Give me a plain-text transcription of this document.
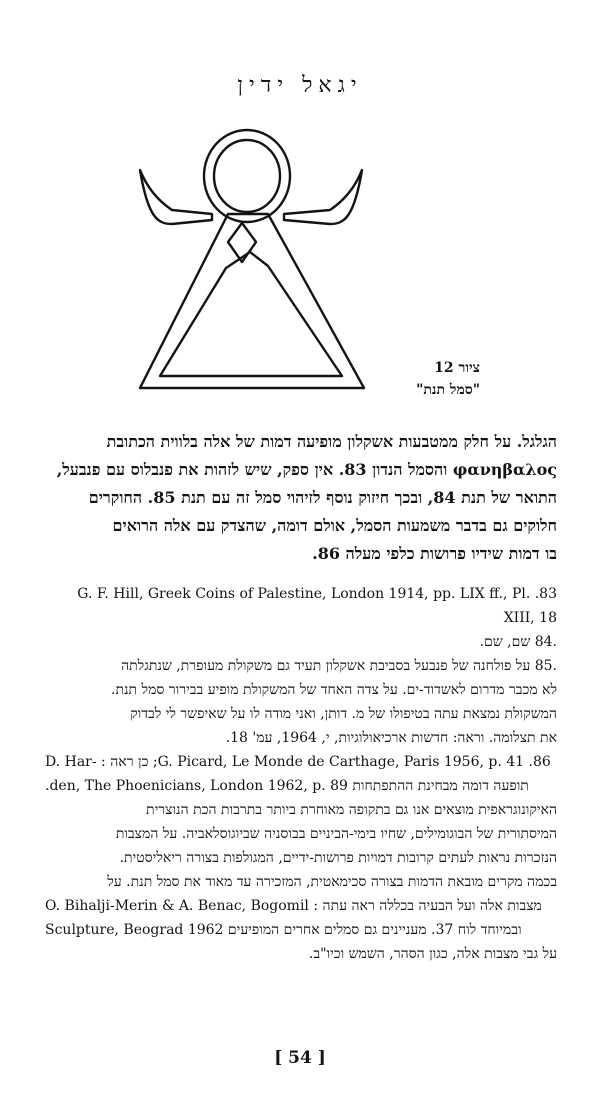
יגאל ידין
ציור 12
"סמל תנת"
הגלגל. על חלק ממטבעות אשקלון מופיעה דמות של אלה בלווית הכתובת
φανηβαλος והסמל הנדון 83. אין ספק, שיש לזהות את פנבלוס עם פנבעל,
התואר של תנת 84, ובכך חיזוק נוסף לזיהוי סמל זה עם תנת 85. החוקרים
חלוקים גם בדבר משמעות הסמל, אולם דומה, שהצדק עם אלה הרואים
בו דמות שידיו פרושות כלפי מעלה 86.
G. F. Hill, Greek Coins of Palestine, London 1914, pp. LIX ff., Pl. .83
XIII, 18
.84 שם, שם.
.85 על פולחנה של פנבעל בסביבת אשקלון תעיד גם משקולת מעופרת, שנתגלתה
לא מכבר מדרום לאשדוד-ים. על צדה האחד של המשקולת מופיע בבירור סמל תנת.
המשקולת נמצאת עתה בטיפולו של מ. דותן, ואני מודה לו על שאיפשר לי לבדוק
את תצלומה. וראה: חדשות ארכיאולוגיות, י, 1964, עמ' 18.
D. Har- : כן ראה ;G. Picard, Le Monde de Carthage, Paris 1956, p. 41 .86
.den, The Phoenicians, London 1962, p. 89 תופעה דומה מבחינת ההתפתחות
האיקונוגראפית מוצאים אנו גם בתקופה מאוחרת ביותר בתרבות הכת הנוצרית
המיסתורית של הבוגומילים, שחיו בימי-הביניים בבוסניה שביוגוסלאביה. על המצבות
הנזכרות נראות לעתים קרובות דמויות פרושות-ידיים, המגולפות בצורה ריאליסטית.
בכמה מקרים מובאת הדמות בצורה סכימאטית, המזכירה עד מאוד את סמל תנת. על
O. Bihalji-Merin & A. Benac, Bogomil : מצבות אלה ועל הבעיה בכללה ראה עתה
Sculpture, Beograd 1962 ובמיוחד לוח 37. מעניינים גם סמלים אחרים המופיעים
על גבי מצבות אלה, כגון הסהר, השמש וכיו"ב.
[ 54 ]
